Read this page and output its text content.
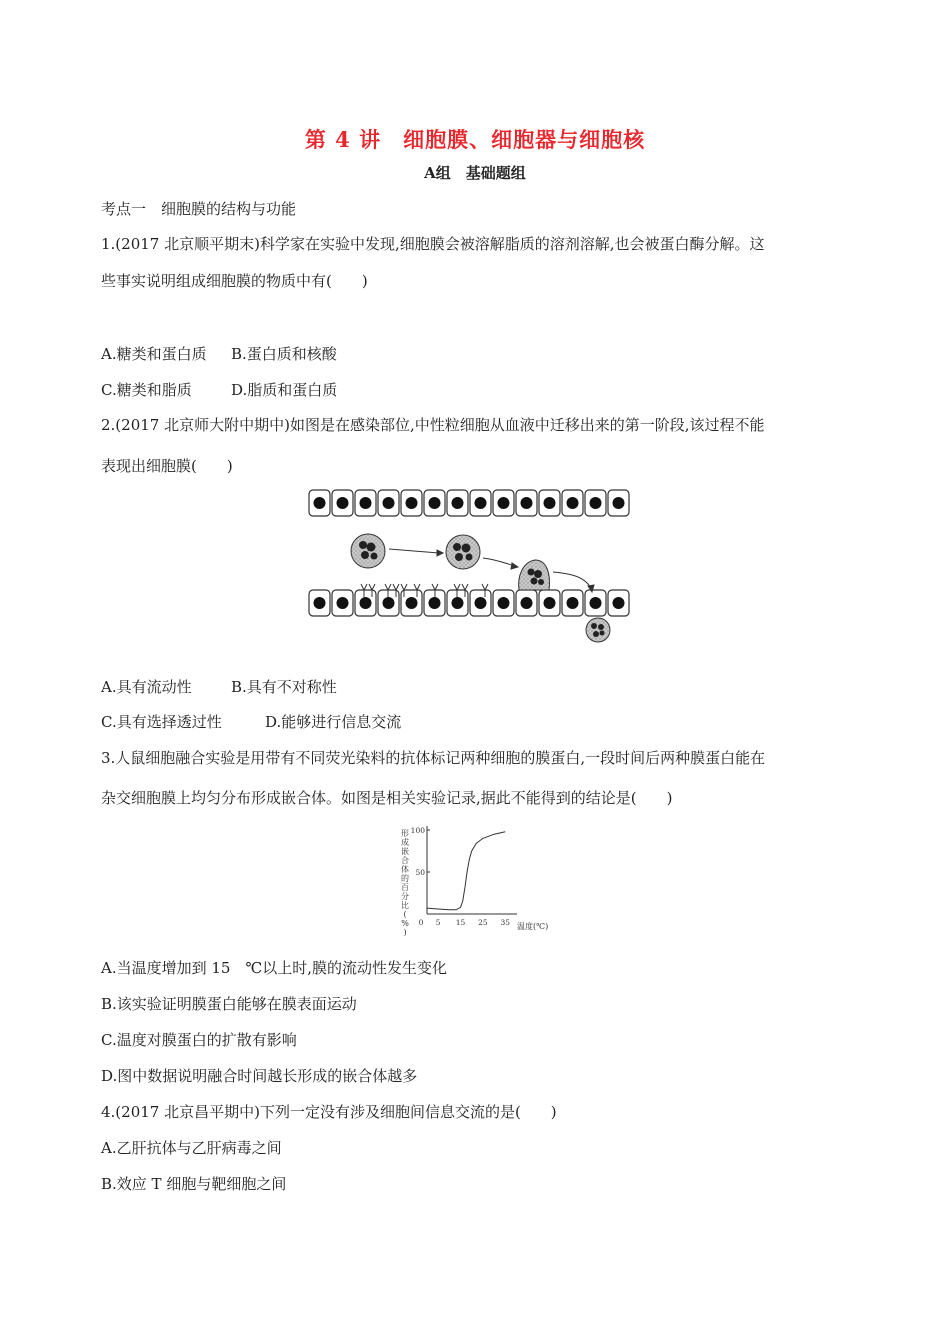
第 4 讲　细胞膜、细胞器与细胞核
A组　基础题组
考点一　细胞膜的结构与功能
1.(2017 北京顺平期末)科学家在实验中发现,细胞膜会被溶解脂质的溶剂溶解,也会被蛋白酶分解。这
些事实说明组成细胞膜的物质中有(　　)
A.糖类和蛋白质 B.蛋白质和核酸
C.糖类和脂质	D.脂质和蛋白质
2.(2017 北京师大附中期中)如图是在感染部位,中性粒细胞从血液中迁移出来的第一阶段,该过程不能
表现出细胞膜(　　)
A.具有流动性	B.具有不对称性
C.具有选择透过性	D.能够进行信息交流
3.人鼠细胞融合实验是用带有不同荧光染料的抗体标记两种细胞的膜蛋白,一段时间后两种膜蛋白能在
杂交细胞膜上均匀分布形成嵌合体。如图是相关实验记录,据此不能得到的结论是(　　)
形
成
嵌
合
体
的
百
分
比
(
%
)
50
100
0 5 15 25 35 温度(℃)
A.当温度增加到 15　℃以上时,膜的流动性发生变化
B.该实验证明膜蛋白能够在膜表面运动
C.温度对膜蛋白的扩散有影响
D.图中数据说明融合时间越长形成的嵌合体越多
4.(2017 北京昌平期中)下列一定没有涉及细胞间信息交流的是(　　)
A.乙肝抗体与乙肝病毒之间
B.效应 T 细胞与靶细胞之间
